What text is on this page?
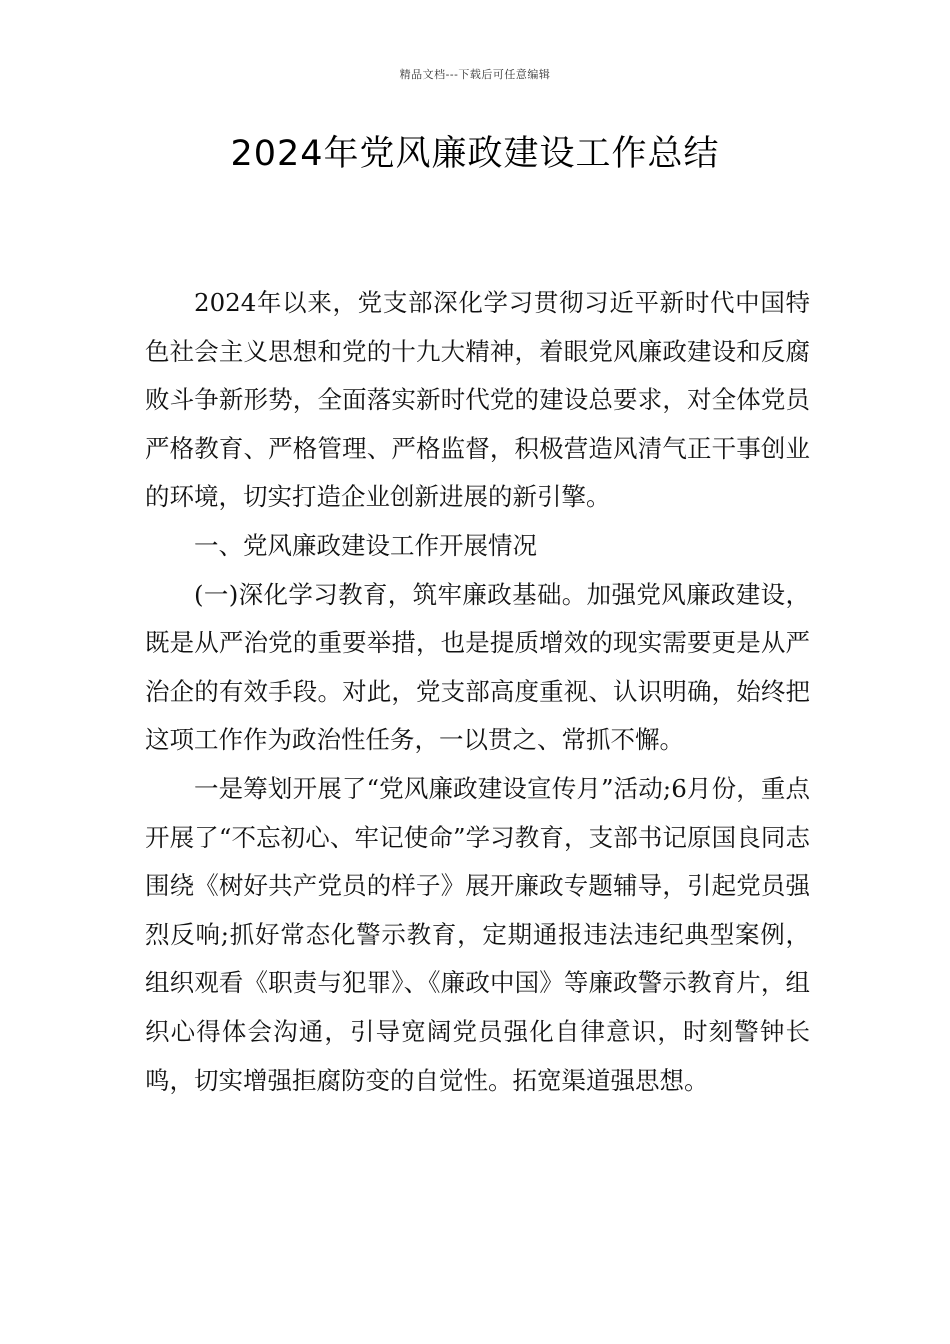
精品文档---下载后可任意编辑
2024年党风廉政建设工作总结

2024年以来，党支部深化学习贯彻习近平新时代中国特色社会主义思想和党的十九大精神，着眼党风廉政建设和反腐败斗争新形势，全面落实新时代党的建设总要求，对全体党员严格教育、严格管理、严格监督，积极营造风清气正干事创业的环境，切实打造企业创新进展的新引擎。

一、党风廉政建设工作开展情况

(一)深化学习教育，筑牢廉政基础。加强党风廉政建设，既是从严治党的重要举措，也是提质增效的现实需要更是从严治企的有效手段。对此，党支部高度重视、认识明确，始终把这项工作作为政治性任务，一以贯之、常抓不懈。

一是筹划开展了“党风廉政建设宣传月”活动;6月份，重点开展了“不忘初心、牢记使命”学习教育，支部书记原国良同志围绕《树好共产党员的样子》展开廉政专题辅导，引起党员强烈反响;抓好常态化警示教育，定期通报违法违纪典型案例，组织观看《职责与犯罪》、《廉政中国》等廉政警示教育片，组织心得体会沟通，引导宽阔党员强化自律意识，时刻警钟长鸣，切实增强拒腐防变的自觉性。拓宽渠道强思想。
